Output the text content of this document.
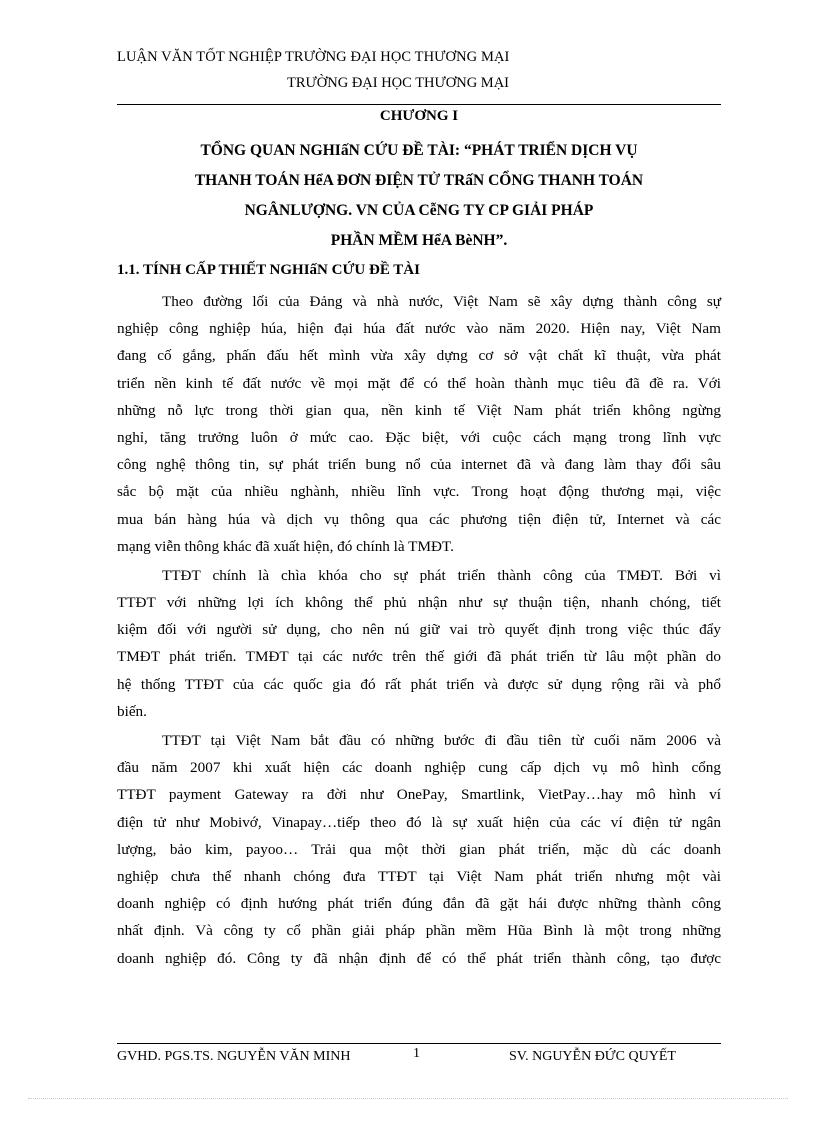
LUẬN VĂN TỐT NGHIỆP TRƯỜNG ĐẠI HỌC THƯƠNG MẠI
TRƯỜNG ĐẠI HỌC THƯƠNG MẠI
CHƯƠNG I
TỔNG QUAN NGHIấN CỨU ĐỀ TÀI: “PHÁT TRIỂN DỊCH VỤ
THANH TOÁN HểA ĐƠN ĐIỆN TỬ TRấN CỔNG THANH TOÁN
NGÂNLƯỢNG. VN CỦA CễNG TY CP GIẢI PHÁP
PHẦN MỀM HểA BèNH”.
1.1. TÍNH CẤP THIẾT NGHIấN CỨU ĐỀ TÀI

Theo đường lối của Đảng và nhà nước, Việt Nam sẽ xây dựng thành công sự
nghiệp công nghiệp húa, hiện đại húa đất nước vào năm 2020. Hiện nay, Việt Nam
đang cố gắng, phấn đấu hết mình vừa xây dựng cơ sở vật chất kĩ thuật, vừa phát
triển nền kinh tế đất nước về mọi mặt để có thể hoàn thành mục tiêu đã đề ra. Với
những nỗ lực trong thời gian qua, nền kinh tế Việt Nam phát triển không ngừng
nghỉ, tăng trưởng luôn ở mức cao. Đặc biệt, với cuộc cách mạng trong lĩnh vực
công nghệ thông tin, sự phát triển bung nổ của internet đã và đang làm thay đổi sâu
sắc bộ mặt của nhiều nghành, nhiều lĩnh vực. Trong hoạt động thương mại, việc
mua bán hàng húa và dịch vụ thông qua các phương tiện điện tử, Internet và các
mạng viễn thông khác đã xuất hiện, đó chính là TMĐT.

TTĐT chính là chìa khóa cho sự phát triển thành công của TMĐT. Bởi vì
TTĐT với những lợi ích không thể phủ nhận như sự thuận tiện, nhanh chóng, tiết
kiệm đối với người sử dụng, cho nên nú giữ vai trò quyết định trong việc thúc đẩy
TMĐT phát triển. TMĐT tại các nước trên thế giới đã phát triển từ lâu một phần do
hệ thống TTĐT của các quốc gia đó rất phát triển và được sử dụng rộng rãi và phổ
biến.

TTĐT tại Việt Nam bắt đầu có những bước đi đầu tiên từ cuối năm 2006 và
đầu năm 2007 khi xuất hiện các doanh nghiệp cung cấp dịch vụ mô hình cổng
TTĐT payment Gateway ra đời như OnePay, Smartlink, VietPay…hay mô hình ví
điện tử như Mobivớ, Vinapay…tiếp theo đó là sự xuất hiện của các ví điện tử ngân
lượng, bảo kim, payoo… Trải qua một thời gian phát triển, mặc dù các doanh
nghiệp chưa thể nhanh chóng đưa TTĐT tại Việt Nam phát triển nhưng một vài
doanh nghiệp có định hướng phát triển đúng đắn đã gặt hái được những thành công
nhất định. Và công ty cổ phần giải pháp phần mềm Hũa Bình là một trong những
doanh nghiệp đó. Công ty đã nhận định để có thể phát triển thành công, tạo được

GVHD. PGS.TS. NGUYỄN VĂN MINH	1	SV. NGUYỄN ĐỨC QUYẾT
